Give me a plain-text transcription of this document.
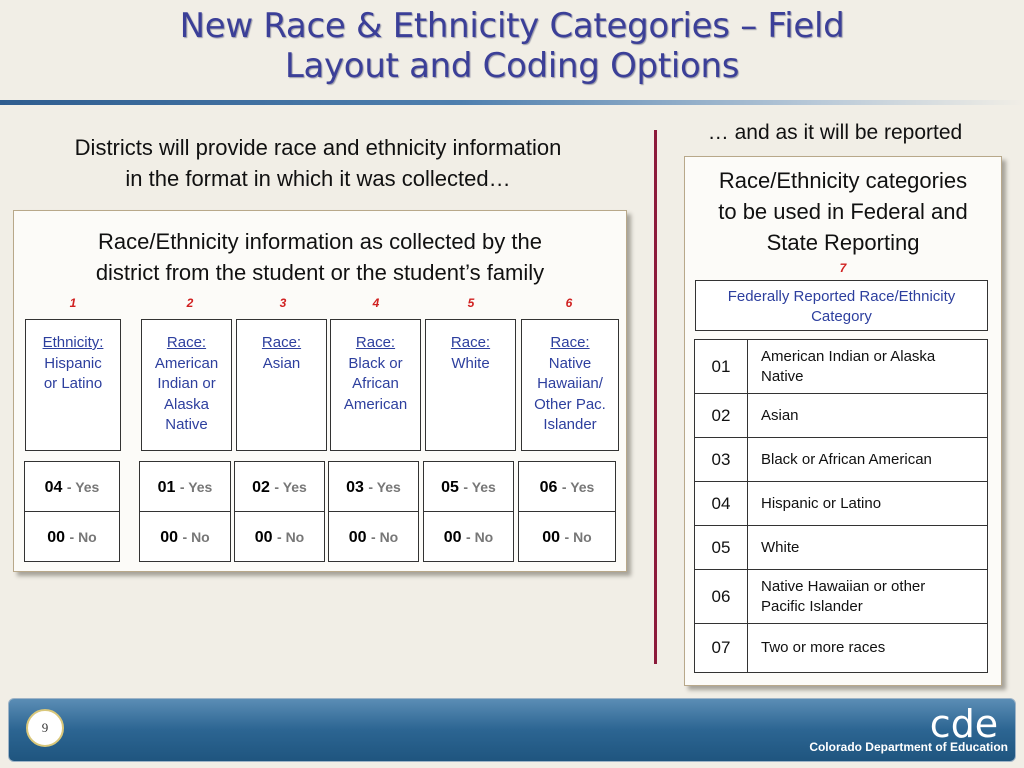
New Race & Ethnicity Categories – Field
Layout and Coding Options
Districts will provide race and ethnicity information
in the format in which it was collected…
… and as it will be reported
Race/Ethnicity information as collected by the
district from the student or the student’s family
1	2	3	4	5	6
Ethnicity:
Hispanic
or Latino
Race:
American
Indian or
Alaska
Native
Race:
Asian
Race:
Black or
African
American
Race:
White
Race:
Native
Hawaiian/
Other Pac.
Islander
04 - Yes
00 - No
01 - Yes
00 - No
02 - Yes
00 - No
03 - Yes
00 - No
05 - Yes
00 - No
06 - Yes
00 - No
Race/Ethnicity categories
to be used in Federal and
State Reporting
7
Federally Reported Race/Ethnicity
Category
01
American Indian or Alaska
Native
02	Asian
03	Black or African American
04	Hispanic or Latino
05	White
06
Native Hawaiian or other
Pacific Islander
07	Two or more races
9	cde
Colorado Department of Education
